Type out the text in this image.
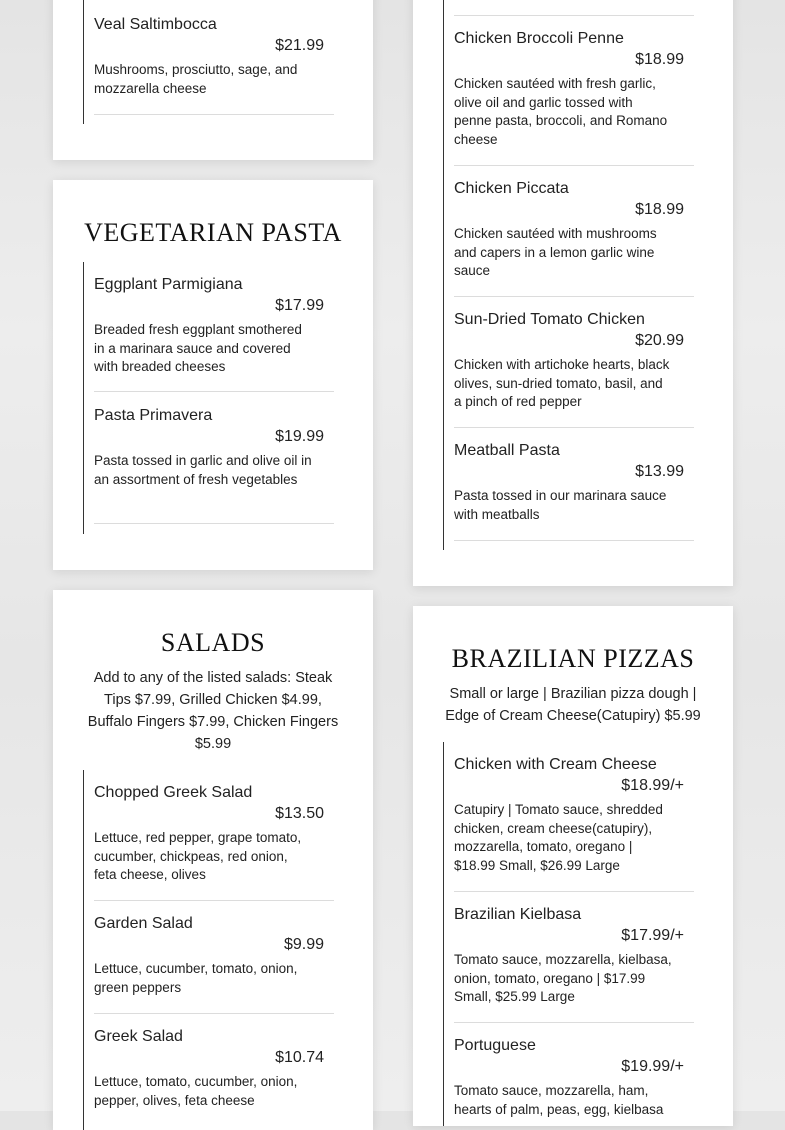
Veal Saltimbocca
$21.99
Mushrooms, prosciutto, sage, and mozzarella cheese
VEGETARIAN PASTA
Eggplant Parmigiana
$17.99
Breaded fresh eggplant smothered in a marinara sauce and covered with breaded cheeses
Pasta Primavera
$19.99
Pasta tossed in garlic and olive oil in an assortment of fresh vegetables
SALADS
Add to any of the listed salads: Steak Tips $7.99, Grilled Chicken $4.99, Buffalo Fingers $7.99, Chicken Fingers $5.99
Chopped Greek Salad
$13.50
Lettuce, red pepper, grape tomato, cucumber, chickpeas, red onion, feta cheese, olives
Garden Salad
$9.99
Lettuce, cucumber, tomato, onion, green peppers
Greek Salad
$10.74
Lettuce, tomato, cucumber, onion, pepper, olives, feta cheese
Chicken Broccoli Penne
$18.99
Chicken sautéed with fresh garlic, olive oil and garlic tossed with penne pasta, broccoli, and Romano cheese
Chicken Piccata
$18.99
Chicken sautéed with mushrooms and capers in a lemon garlic wine sauce
Sun-Dried Tomato Chicken
$20.99
Chicken with artichoke hearts, black olives, sun-dried tomato, basil, and a pinch of red pepper
Meatball Pasta
$13.99
Pasta tossed in our marinara sauce with meatballs
BRAZILIAN PIZZAS
Small or large | Brazilian pizza dough | Edge of Cream Cheese(Catupiry) $5.99
Chicken with Cream Cheese
$18.99/+
Catupiry | Tomato sauce, shredded chicken, cream cheese(catupiry), mozzarella, tomato, oregano | $18.99 Small, $26.99 Large
Brazilian Kielbasa
$17.99/+
Tomato sauce, mozzarella, kielbasa, onion, tomato, oregano | $17.99 Small, $25.99 Large
Portuguese
$19.99/+
Tomato sauce, mozzarella, ham, hearts of palm, peas, egg, kielbasa
